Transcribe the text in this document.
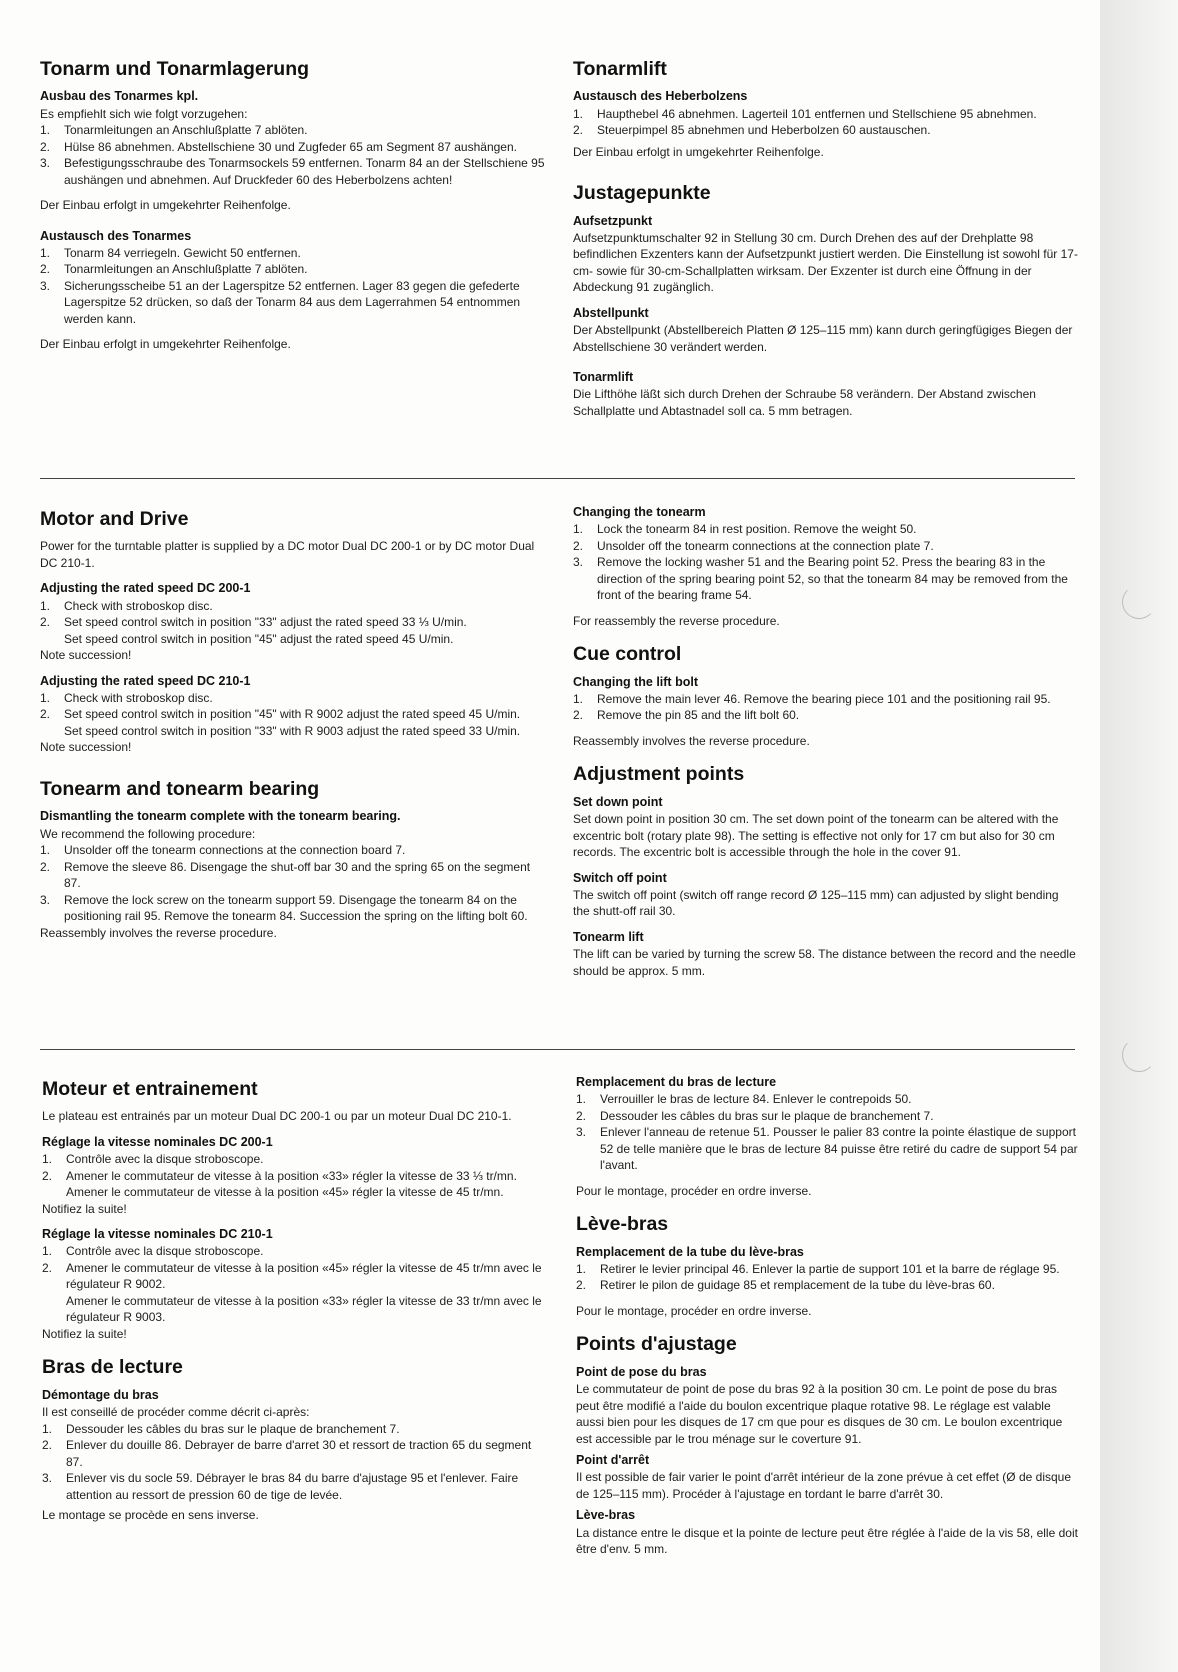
Tonarm und Tonarmlagerung
Ausbau des Tonarmes kpl.

Es empfiehlt sich wie folgt vorzugehen:

1.	Tonarmleitungen an Anschlußplatte 7 ablöten.
2.	Hülse 86 abnehmen. Abstellschiene 30 und Zugfeder 65 am Segment 87 aushängen.
3.	Befestigungsschraube des Tonarmsockels 59 entfernen. Tonarm 84 an der Stellschiene 95 aushängen und abnehmen. Auf Druckfeder 60 des Heberbolzens achten!

Der Einbau erfolgt in umgekehrter Reihenfolge.

Austausch des Tonarmes
1.	Tonarm 84 verriegeln. Gewicht 50 entfernen.
2.	Tonarmleitungen an Anschlußplatte 7 ablöten.
3.	Sicherungsscheibe 51 an der Lagerspitze 52 entfernen. Lager 83 gegen die gefederte Lagerspitze 52 drücken, so daß der Tonarm 84 aus dem Lagerrahmen 54 entnommen werden kann.

Der Einbau erfolgt in umgekehrter Reihenfolge.

Tonarmlift
Austausch des Heberbolzens
1.	Haupthebel 46 abnehmen. Lagerteil 101 entfernen und Stellschiene 95 abnehmen.
2.	Steuerpimpel 85 abnehmen und Heberbolzen 60 austauschen.

Der Einbau erfolgt in umgekehrter Reihenfolge.

Justagepunkte
Aufsetzpunkt

Aufsetzpunktumschalter 92 in Stellung 30 cm. Durch Drehen des auf der Drehplatte 98 befindlichen Exzenters kann der Aufsetzpunkt justiert werden. Die Einstellung ist sowohl für 17-cm- sowie für 30-cm-Schallplatten wirksam. Der Exzenter ist durch eine Öffnung in der Abdeckung 91 zugänglich.

Abstellpunkt

Der Abstellpunkt (Abstellbereich Platten Ø 125–115 mm) kann durch geringfügiges Biegen der Abstellschiene 30 verändert werden.

Tonarmlift

Die Lifthöhe läßt sich durch Drehen der Schraube 58 verändern. Der Abstand zwischen Schallplatte und Abtastnadel soll ca. 5 mm betragen.

Motor and Drive

Power for the turntable platter is supplied by a DC motor Dual DC 200-1 or by DC motor Dual DC 210-1.

Adjusting the rated speed DC 200-1
1.	Check with stroboskop disc.
2.	Set speed control switch in position "33" adjust the rated speed 33 ⅓ U/min.

Set speed control switch in position "45" adjust the rated speed 45 U/min.

Note succession!

Adjusting the rated speed DC 210-1
1.	Check with stroboskop disc.
2.	Set speed control switch in position "45" with R 9002 adjust the rated speed 45 U/min.

Set speed control switch in position "33" with R 9003 adjust the rated speed 33 U/min.

Note succession!

Tonearm and tonearm bearing
Dismantling the tonearm complete with the tonearm bearing.

We recommend the following procedure:

1.	Unsolder off the tonearm connections at the connection board 7.
2.	Remove the sleeve 86. Disengage the shut-off bar 30 and the spring 65 on the segment 87.
3.	Remove the lock screw on the tonearm support 59. Disengage the tonearm 84 on the positioning rail 95. Remove the tonearm 84. Succession the spring on the lifting bolt 60.

Reassembly involves the reverse procedure.

Changing the tonearm
1.	Lock the tonearm 84 in rest position. Remove the weight 50.
2.	Unsolder off the tonearm connections at the connection plate 7.
3.	Remove the locking washer 51 and the Bearing point 52. Press the bearing 83 in the direction of the spring bearing point 52, so that the tonearm 84 may be removed from the front of the bearing frame 54.

For reassembly the reverse procedure.

Cue control
Changing the lift bolt
1.	Remove the main lever 46. Remove the bearing piece 101 and the positioning rail 95.
2.	Remove the pin 85 and the lift bolt 60.

Reassembly involves the reverse procedure.

Adjustment points
Set down point

Set down point in position 30 cm. The set down point of the tonearm can be altered with the excentric bolt (rotary plate 98). The setting is effective not only for 17 cm but also for 30 cm records. The excentric bolt is accessible through the hole in the cover 91.

Switch off point

The switch off point (switch off range record Ø 125–115 mm) can adjusted by slight bending the shutt-off rail 30.

Tonearm lift

The lift can be varied by turning the screw 58. The distance between the record and the needle should be approx. 5 mm.

Moteur et entrainement

Le plateau est entrainés par un moteur Dual DC 200-1 ou par un moteur Dual DC 210-1.

Réglage la vitesse nominales DC 200-1
1.	Contrôle avec la disque stroboscope.
2.	Amener le commutateur de vitesse à la position «33» régler la vitesse de 33 ⅓ tr/mn.

Amener le commutateur de vitesse à la position «45» régler la vitesse de 45 tr/mn.

Notifiez la suite!

Réglage la vitesse nominales DC 210-1
1.	Contrôle avec la disque stroboscope.
2.	Amener le commutateur de vitesse à la position «45» régler la vitesse de 45 tr/mn avec le régulateur R 9002.

Amener le commutateur de vitesse à la position «33» régler la vitesse de 33 tr/mn avec le régulateur R 9003.

Notifiez la suite!

Bras de lecture
Démontage du bras

Il est conseillé de procéder comme décrit ci-après:

1.	Dessouder les câbles du bras sur le plaque de branchement 7.
2.	Enlever du douille 86. Debrayer de barre d'arret 30 et ressort de traction 65 du segment 87.
3.	Enlever vis du socle 59. Débrayer le bras 84 du barre d'ajustage 95 et l'enlever. Faire attention au ressort de pression 60 de tige de levée.

Le montage se procède en sens inverse.

Remplacement du bras de lecture
1.	Verrouiller le bras de lecture 84. Enlever le contrepoids 50.
2.	Dessouder les câbles du bras sur le plaque de branchement 7.
3.	Enlever l'anneau de retenue 51. Pousser le palier 83 contre la pointe élastique de support 52 de telle manière que le bras de lecture 84 puisse être retiré du cadre de support 54 par l'avant.

Pour le montage, procéder en ordre inverse.

Lève-bras
Remplacement de la tube du lève-bras
1.	Retirer le levier principal 46. Enlever la partie de support 101 et la barre de réglage 95.
2.	Retirer le pilon de guidage 85 et remplacement de la tube du lève-bras 60.

Pour le montage, procéder en ordre inverse.

Points d'ajustage
Point de pose du bras

Le commutateur de point de pose du bras 92 à la position 30 cm. Le point de pose du bras peut être modifié a l'aide du boulon excentrique plaque rotative 98. Le réglage est valable aussi bien pour les disques de 17 cm que pour es disques de 30 cm. Le boulon excentrique est accessible par le trou ménage sur le coverture 91.

Point d'arrêt

Il est possible de fair varier le point d'arrêt intérieur de la zone prévue à cet effet (Ø de disque de 125–115 mm). Procéder à l'ajustage en tordant le barre d'arrêt 30.

Lève-bras

La distance entre le disque et la pointe de lecture peut être réglée à l'aide de la vis 58, elle doit être d'env. 5 mm.
